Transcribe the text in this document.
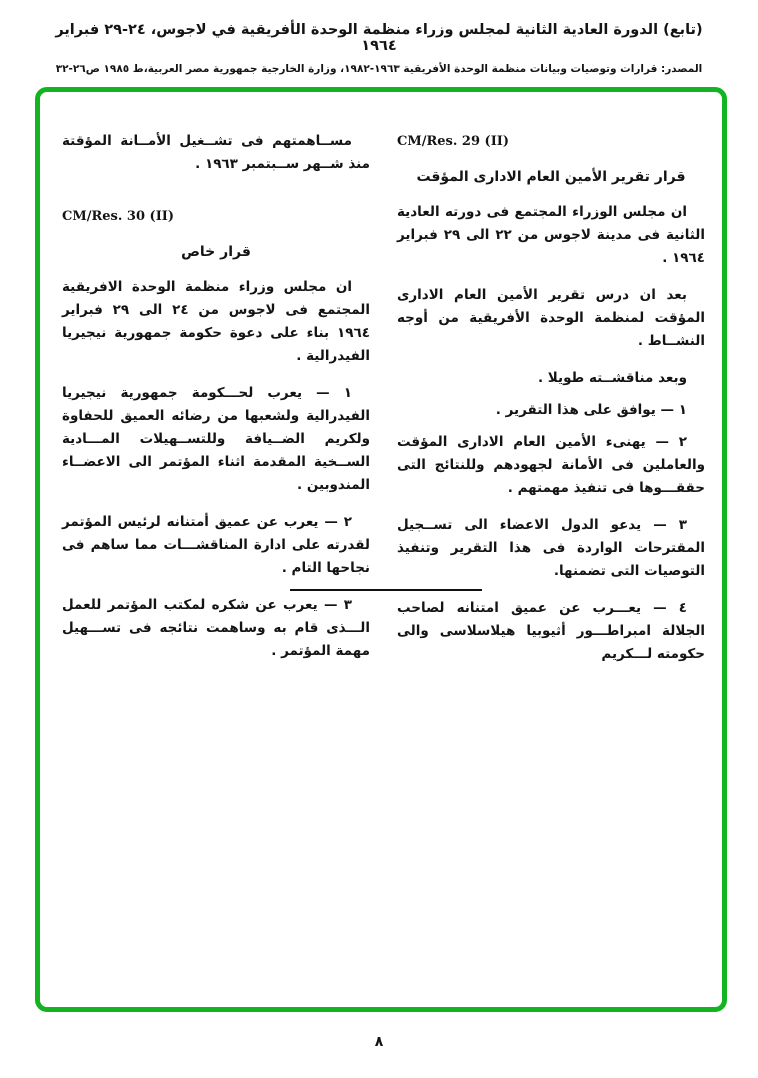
(تابع) الدورة العادية الثانية لمجلس وزراء منظمة الوحدة الأفريقية في لاجوس، ٢٤-٢٩ فبراير ١٩٦٤
المصدر: قرارات وتوصيات وبيانات منظمة الوحدة الأفريقية ١٩٦٣-١٩٨٢، وزارة الخارجية جمهورية مصر العربية،ط ١٩٨٥ ص٢٦-٣٢
CM/Res. 29 (II)
قرار تقرير الأمين العام الادارى المؤقت

ان مجلس الوزراء المجتمع فى دورته العادية الثانية فى مدينة لاجوس من ٢٢ الى ٢٩ فبراير ١٩٦٤ .

بعد ان درس تقرير الأمين العام الادارى المؤقت لمنظمة الوحدة الأفريقية من أوجه النشــاط .

وبعد مناقشــته طويلا .

١ — يوافق على هذا التقرير .

٢ — يهنىء الأمين العام الادارى المؤقت والعاملين فى الأمانة لجهودهم وللنتائج التى حققـــوها فى تنفيذ مهمتهم .

٣ — يدعو الدول الاعضاء الى تســجيل المقترحات الواردة فى هذا التقرير وتنفيذ التوصيات التى تضمنها.

٤ — يعـــرب عن عميق امتنانه لصاحب الجلالة امبراطـــور أثيوبيا هيلاسلاسى والى حكومته لـــكريم

مســاهمتهم فى تشــغيل الأمــانة المؤقتة منذ شــهر ســبتمبر ١٩٦٣ .

CM/Res. 30 (II)
قرار خاص

ان مجلس وزراء منظمة الوحدة الافريقية المجتمع فى لاجوس من ٢٤ الى ٢٩ فبراير ١٩٦٤ بناء على دعوة حكومة جمهورية نيجيريا الفيدرالية .

١ — يعرب لحـــكومة جمهورية نيجيريا الفيدرالية ولشعبها من رضائه العميق للحفاوة ولكريم الضــيافة وللتســهيلات المـــادية الســخية المقدمة اثناء المؤتمر الى الاعضــاء المندوبين .

٢ — يعرب عن عميق أمتنانه لرئيس المؤتمر لقدرته على ادارة المناقشـــات مما ساهم فى نجاحها التام .

٣ — يعرب عن شكره لمكتب المؤتمر للعمل الـــذى قام به وساهمت نتائجه فى تســـهيل مهمة المؤتمر .

٨
